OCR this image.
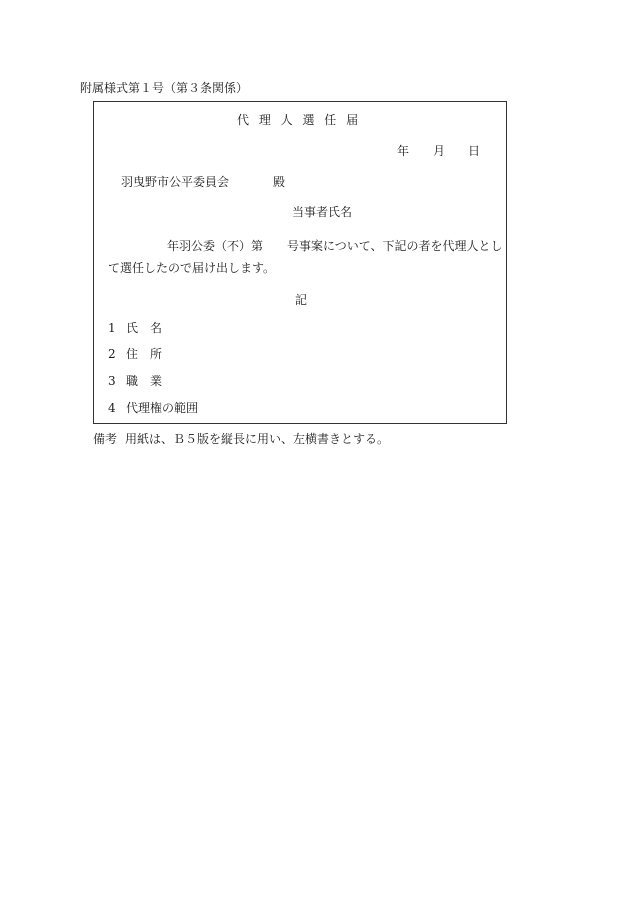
附属様式第１号（第３条関係）
代 理 人 選 任 届
年 月 日
羽曳野市公平委員会	殿
当事者氏名
年羽公委（不）第　　号事案について、下記の者を代理人とし
て選任したので届け出します。
記
1 氏　名
2 住　所
3 職　業
4 代理権の範囲
備考 用紙は、Ｂ５版を縦長に用い、左横書きとする。
